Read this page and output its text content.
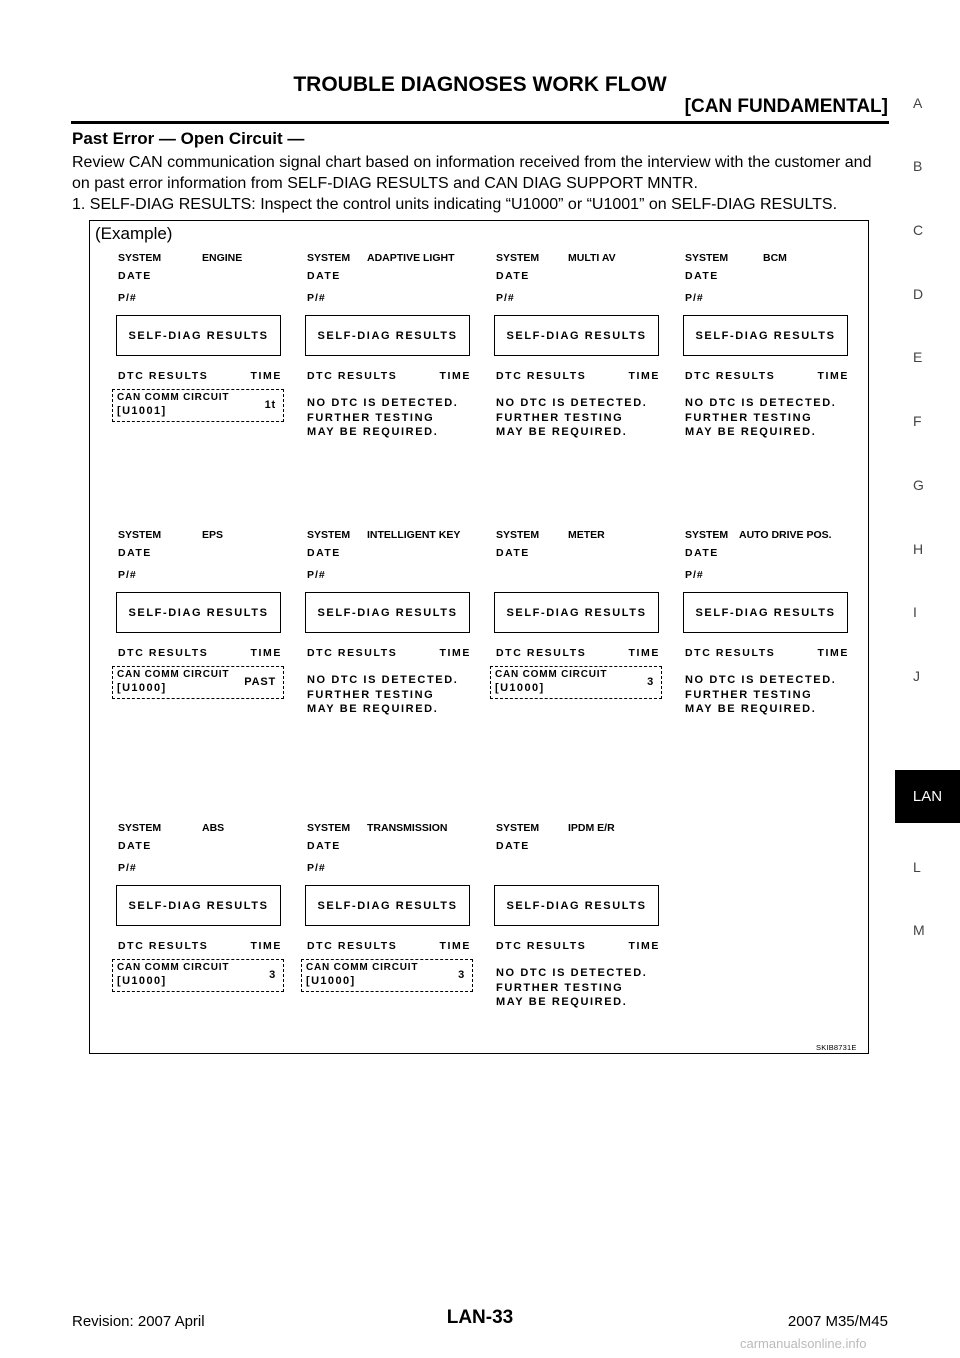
TROUBLE DIAGNOSES WORK FLOW
[CAN FUNDAMENTAL]
Past Error — Open Circuit —
Review CAN communication signal chart based on information received from the interview with the customer and on past error information from SELF-DIAG RESULTS and CAN DIAG SUPPORT MNTR.
1. SELF-DIAG RESULTS: Inspect the control units indicating “U1000” or “U1001” on SELF-DIAG RESULTS.
(Example)
SKIB8731E
SYSTEM	ENGINE
DATE
P/#
SELF-DIAG RESULTS
DTC RESULTS	TIME
CAN COMM CIRCUIT
[U1001]	1t
SYSTEM ADAPTIVE LIGHT
DATE
P/#
SELF-DIAG RESULTS
DTC RESULTS	TIME
NO DTC IS DETECTED.
FURTHER TESTING
MAY BE REQUIRED.
SYSTEM	MULTI AV
DATE
P/#
SELF-DIAG RESULTS
DTC RESULTS	TIME
NO DTC IS DETECTED.
FURTHER TESTING
MAY BE REQUIRED.
SYSTEM	BCM
DATE
P/#
SELF-DIAG RESULTS
DTC RESULTS	TIME
NO DTC IS DETECTED.
FURTHER TESTING
MAY BE REQUIRED.
SYSTEM	EPS
DATE
P/#
SELF-DIAG RESULTS
DTC RESULTS	TIME
CAN COMM CIRCUIT
[U1000]	PAST
SYSTEM INTELLIGENT KEY
DATE
P/#
SELF-DIAG RESULTS
DTC RESULTS	TIME
NO DTC IS DETECTED.
FURTHER TESTING
MAY BE REQUIRED.
SYSTEM	METER
DATE
SELF-DIAG RESULTS
DTC RESULTS	TIME
CAN COMM CIRCUIT
[U1000]	3
SYSTEM AUTO DRIVE POS.
DATE
P/#
SELF-DIAG RESULTS
DTC RESULTS	TIME
NO DTC IS DETECTED.
FURTHER TESTING
MAY BE REQUIRED.
SYSTEM	ABS
DATE
P/#
SELF-DIAG RESULTS
DTC RESULTS	TIME
CAN COMM CIRCUIT
[U1000]	3
SYSTEM TRANSMISSION
DATE
P/#
SELF-DIAG RESULTS
DTC RESULTS	TIME
CAN COMM CIRCUIT
[U1000]	3
SYSTEM	IPDM E/R
DATE
SELF-DIAG RESULTS
DTC RESULTS	TIME
NO DTC IS DETECTED.
FURTHER TESTING
MAY BE REQUIRED.
A
B
C
D
E
F
G
H
I
J
LAN
L
M
Revision: 2007 April	LAN-33	2007 M35/M45
carmanualsonline.info
